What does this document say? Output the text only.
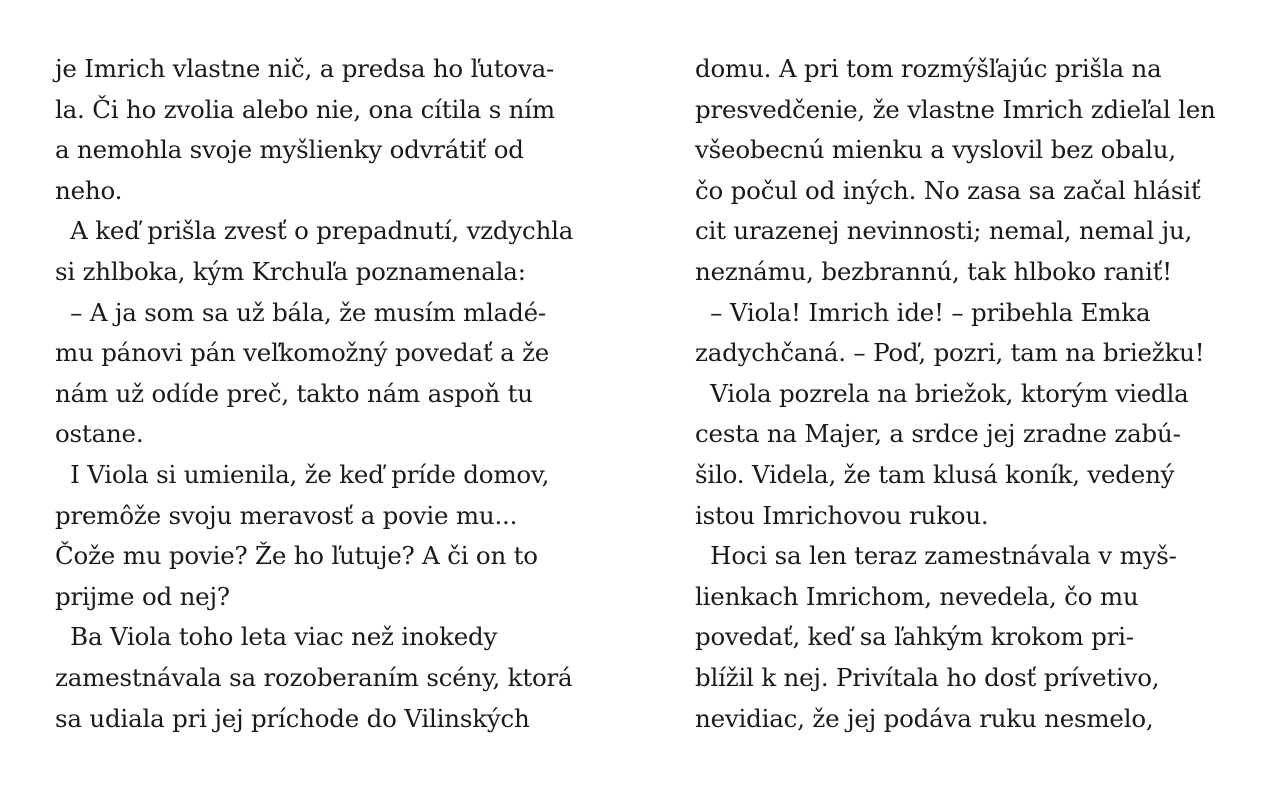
je Imrich vlastne nič, a predsa ho ľutova-
la. Či ho zvolia alebo nie, ona cítila s ním
a nemohla svoje myšlienky odvrátiť od
neho.
A keď prišla zvesť o prepadnutí, vzdychla
si zhlboka, kým Krchuľa poznamenala:
– A ja som sa už bála, že musím mladé-
mu pánovi pán veľkomožný povedať a že
nám už odíde preč, takto nám aspoň tu
ostane.
I Viola si umienila, že keď príde domov,
premôže svoju meravosť a povie mu...
Čože mu povie? Že ho ľutuje? A či on to
prijme od nej?
Ba Viola toho leta viac než inokedy
zamestnávala sa rozoberaním scény, ktorá
sa udiala pri jej príchode do Vilinských
domu. A pri tom rozmýšľajúc prišla na
presvedčenie, že vlastne Imrich zdieľal len
všeobecnú mienku a vyslovil bez obalu,
čo počul od iných. No zasa sa začal hlásiť
cit urazenej nevinnosti; nemal, nemal ju,
neznámu, bezbrannú, tak hlboko raniť!
– Viola! Imrich ide! – pribehla Emka
zadychčaná. – Poď, pozri, tam na briežku!
Viola pozrela na briežok, ktorým viedla
cesta na Majer, a srdce jej zradne zabú-
šilo. Videla, že tam klusá koník, vedený
istou Imrichovou rukou.
Hoci sa len teraz zamestnávala v myš-
lienkach Imrichom, nevedela, čo mu
povedať, keď sa ľahkým krokom pri-
blížil k nej. Privítala ho dosť prívetivo,
nevidiac, že jej podáva ruku nesmelo,
